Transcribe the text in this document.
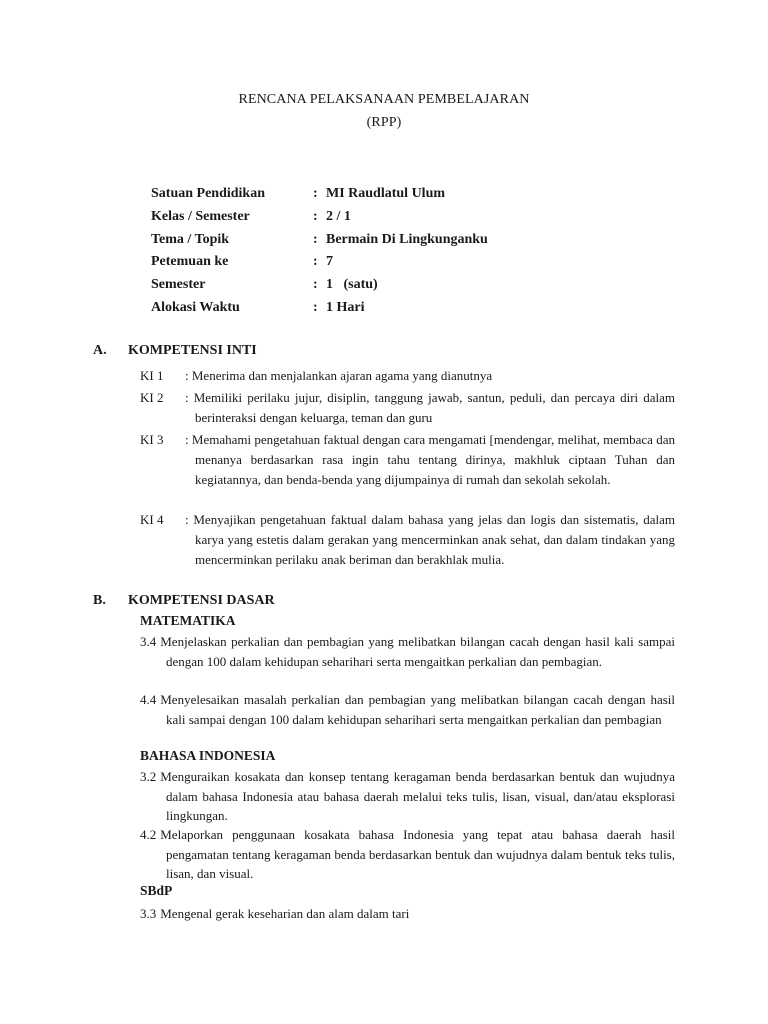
RENCANA PELAKSANAAN PEMBELAJARAN
(RPP)
Satuan Pendidikan	: MI Raudlatul Ulum
Kelas / Semester	: 2 / 1
Tema / Topik	: Bermain Di Lingkunganku
Petemuan ke	: 7
Semester	: 1   (satu)
Alokasi Waktu	: 1 Hari
A. KOMPETENSI INTI
KI 1 : Menerima dan menjalankan ajaran agama yang dianutnya
KI 2 : Memiliki perilaku jujur, disiplin, tanggung jawab, santun, peduli, dan percaya diri dalam berinteraksi dengan keluarga, teman dan guru
KI 3 : Memahami pengetahuan faktual dengan cara mengamati [mendengar, melihat, membaca dan menanya berdasarkan rasa ingin tahu tentang dirinya, makhluk ciptaan Tuhan dan kegiatannya, dan benda-benda yang dijumpainya di rumah dan sekolah sekolah.
KI 4 : Menyajikan pengetahuan faktual dalam bahasa yang jelas dan logis dan sistematis, dalam karya yang estetis dalam gerakan yang mencerminkan anak sehat, dan dalam tindakan yang mencerminkan perilaku anak beriman dan berakhlak mulia.
B. KOMPETENSI DASAR
MATEMATIKA
3.4 Menjelaskan perkalian dan pembagian yang melibatkan bilangan cacah dengan hasil kali sampai dengan 100 dalam kehidupan seharihari serta mengaitkan perkalian dan pembagian.
4.4 Menyelesaikan masalah perkalian dan pembagian yang melibatkan bilangan cacah dengan hasil kali sampai dengan 100 dalam kehidupan seharihari serta mengaitkan perkalian dan pembagian
BAHASA INDONESIA
3.2 Menguraikan kosakata dan konsep tentang keragaman benda berdasarkan bentuk dan wujudnya dalam bahasa Indonesia atau bahasa daerah melalui teks tulis, lisan, visual, dan/atau eksplorasi lingkungan.
4.2 Melaporkan penggunaan kosakata bahasa Indonesia yang tepat atau bahasa daerah hasil pengamatan tentang keragaman benda berdasarkan bentuk dan wujudnya dalam bentuk teks tulis, lisan, dan visual.
SBdP
3.3 Mengenal gerak keseharian dan alam dalam tari
